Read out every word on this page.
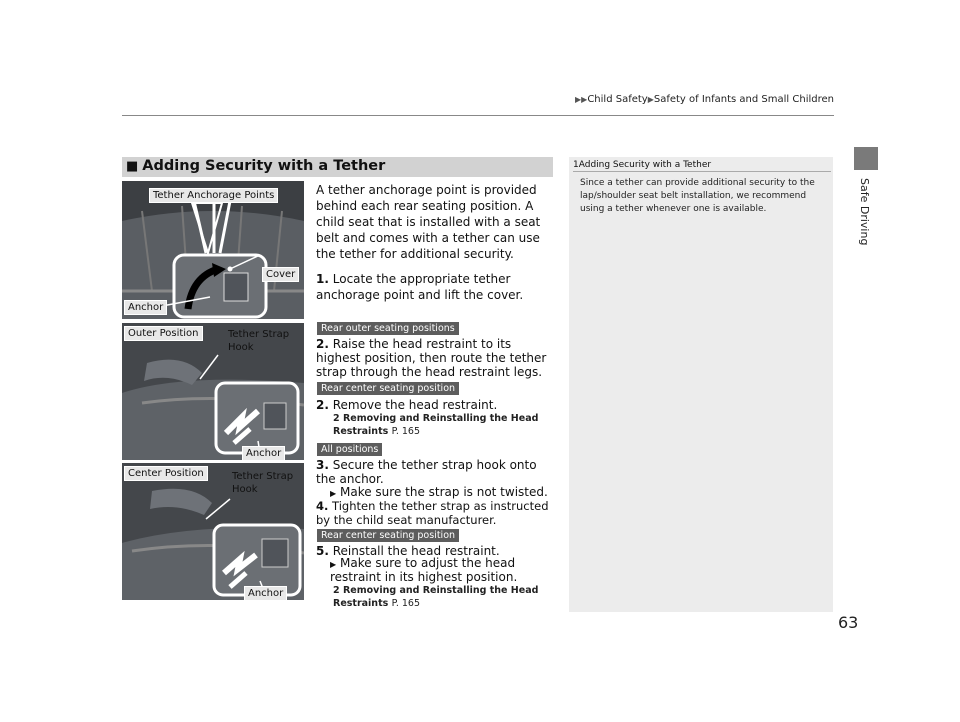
▶▶Child Safety▶Safety of Infants and Small Children
Safe Driving
■ Adding Security with a Tether
Tether Anchorage Points
Cover
Anchor
Outer Position	Tether Strap
Hook
Anchor
Center Position	Tether Strap
Hook
Anchor
A tether anchorage point is provided behind each rear seating position. A child seat that is installed with a seat belt and comes with a tether can use the tether for additional security.
1. Locate the appropriate tether anchorage point and lift the cover.
Rear outer seating positions
2. Raise the head restraint to its highest position, then route the tether strap through the head restraint legs.
Rear center seating position
2. Remove the head restraint.
2 Removing and Reinstalling the Head Restraints P. 165
All positions
3. Secure the tether strap hook onto the anchor.
▶ Make sure the strap is not twisted.
4. Tighten the tether strap as instructed by the child seat manufacturer.
Rear center seating position
5. Reinstall the head restraint.
▶ Make sure to adjust the head restraint in its highest position.
2 Removing and Reinstalling the Head Restraints P. 165
1Adding Security with a Tether
Since a tether can provide additional security to the lap/shoulder seat belt installation, we recommend using a tether whenever one is available.
63
